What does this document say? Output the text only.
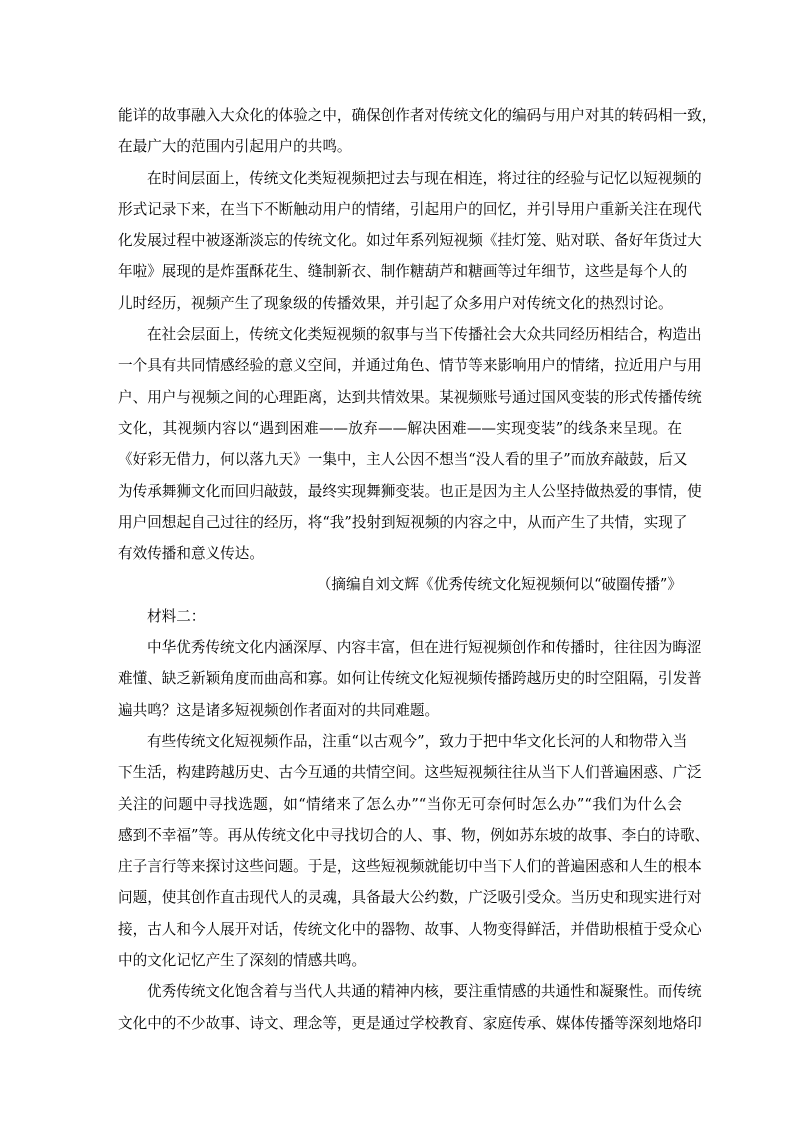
能详的故事融入大众化的体验之中，确保创作者对传统文化的编码与用户对其的转码相一致，
在最广大的范围内引起用户的共鸣。
在时间层面上，传统文化类短视频把过去与现在相连，将过往的经验与记忆以短视频的
形式记录下来，在当下不断触动用户的情绪，引起用户的回忆，并引导用户重新关注在现代
化发展过程中被逐渐淡忘的传统文化。如过年系列短视频《挂灯笼、贴对联、备好年货过大
年啦》展现的是炸蛋酥花生、缝制新衣、制作糖葫芦和糖画等过年细节，这些是每个人的
儿时经历，视频产生了现象级的传播效果，并引起了众多用户对传统文化的热烈讨论。
在社会层面上，传统文化类短视频的叙事与当下传播社会大众共同经历相结合，构造出
一个具有共同情感经验的意义空间，并通过角色、情节等来影响用户的情绪，拉近用户与用
户、用户与视频之间的心理距离，达到共情效果。某视频账号通过国风变装的形式传播传统
文化，其视频内容以“遇到困难——放弃——解决困难——实现变装”的线条来呈现。在
《好彩无借力，何以落九天》一集中，主人公因不想当“没人看的里子”而放弃敲鼓，后又
为传承舞狮文化而回归敲鼓，最终实现舞狮变装。也正是因为主人公坚持做热爱的事情，使
用户回想起自己过往的经历，将“我”投射到短视频的内容之中，从而产生了共情，实现了
有效传播和意义传达。
（摘编自刘文辉《优秀传统文化短视频何以“破圈传播”》
材料二：
中华优秀传统文化内涵深厚、内容丰富，但在进行短视频创作和传播时，往往因为晦涩
难懂、缺乏新颖角度而曲高和寡。如何让传统文化短视频传播跨越历史的时空阻隔，引发普
遍共鸣？这是诸多短视频创作者面对的共同难题。
有些传统文化短视频作品，注重“以古观今”，致力于把中华文化长河的人和物带入当
下生活，构建跨越历史、古今互通的共情空间。这些短视频往往从当下人们普遍困惑、广泛
关注的问题中寻找选题，如“情绪来了怎么办”“当你无可奈何时怎么办”“我们为什么会
感到不幸福”等。再从传统文化中寻找切合的人、事、物，例如苏东坡的故事、李白的诗歌、
庄子言行等来探讨这些问题。于是，这些短视频就能切中当下人们的普遍困惑和人生的根本
问题，使其创作直击现代人的灵魂，具备最大公约数，广泛吸引受众。当历史和现实进行对
接，古人和今人展开对话，传统文化中的器物、故事、人物变得鲜活，并借助根植于受众心
中的文化记忆产生了深刻的情感共鸣。
优秀传统文化饱含着与当代人共通的精神内核，要注重情感的共通性和凝聚性。而传统
文化中的不少故事、诗文、理念等，更是通过学校教育、家庭传承、媒体传播等深刻地烙印
